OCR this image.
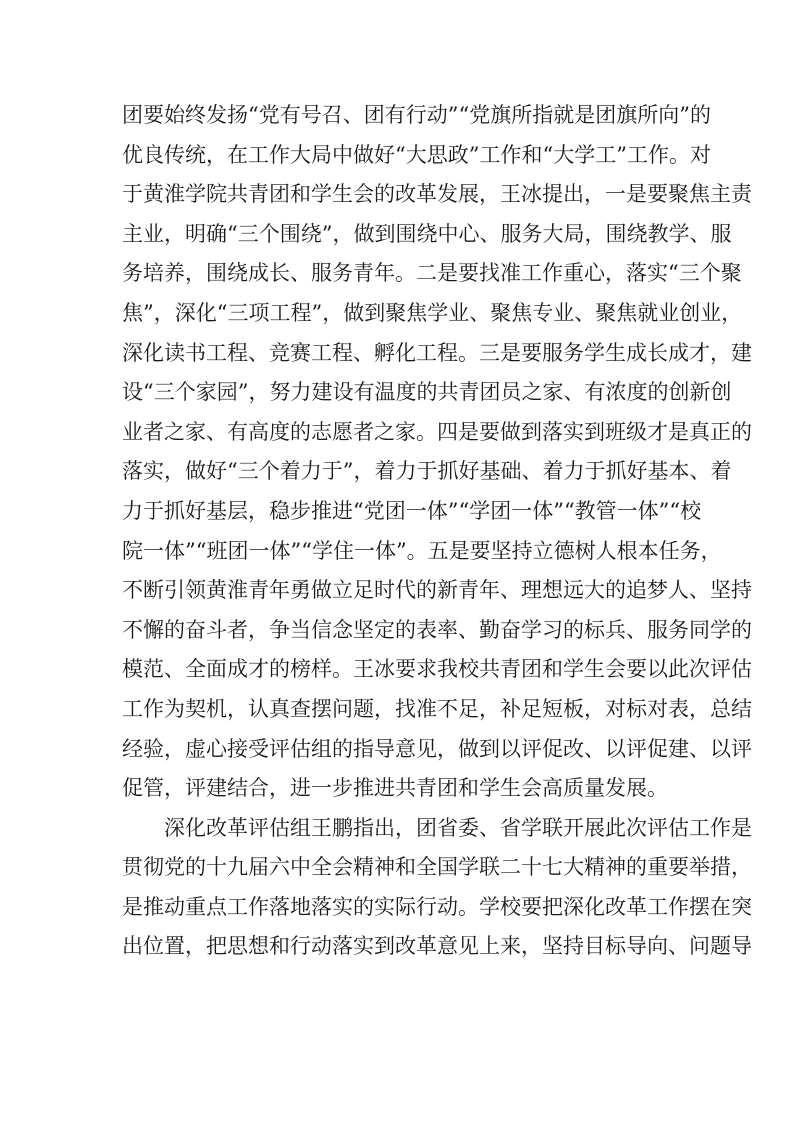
团要始终发扬“党有号召、团有行动”“党旗所指就是团旗所向”的
优良传统，在工作大局中做好“大思政”工作和“大学工”工作。对
于黄淮学院共青团和学生会的改革发展，王冰提出，一是要聚焦主责
主业，明确“三个围绕”，做到围绕中心、服务大局，围绕教学、服
务培养，围绕成长、服务青年。二是要找准工作重心，落实“三个聚
焦”，深化“三项工程”，做到聚焦学业、聚焦专业、聚焦就业创业，
深化读书工程、竞赛工程、孵化工程。三是要服务学生成长成才，建
设“三个家园”，努力建设有温度的共青团员之家、有浓度的创新创
业者之家、有高度的志愿者之家。四是要做到落实到班级才是真正的
落实，做好“三个着力于”，着力于抓好基础、着力于抓好基本、着
力于抓好基层，稳步推进“党团一体”“学团一体”“教管一体”“校
院一体”“班团一体”“学住一体”。五是要坚持立德树人根本任务，
不断引领黄淮青年勇做立足时代的新青年、理想远大的追梦人、坚持
不懈的奋斗者，争当信念坚定的表率、勤奋学习的标兵、服务同学的
模范、全面成才的榜样。王冰要求我校共青团和学生会要以此次评估
工作为契机，认真查摆问题，找准不足，补足短板，对标对表，总结
经验，虚心接受评估组的指导意见，做到以评促改、以评促建、以评
促管，评建结合，进一步推进共青团和学生会高质量发展。
深化改革评估组王鹏指出，团省委、省学联开展此次评估工作是
贯彻党的十九届六中全会精神和全国学联二十七大精神的重要举措，
是推动重点工作落地落实的实际行动。学校要把深化改革工作摆在突
出位置，把思想和行动落实到改革意见上来，坚持目标导向、问题导
